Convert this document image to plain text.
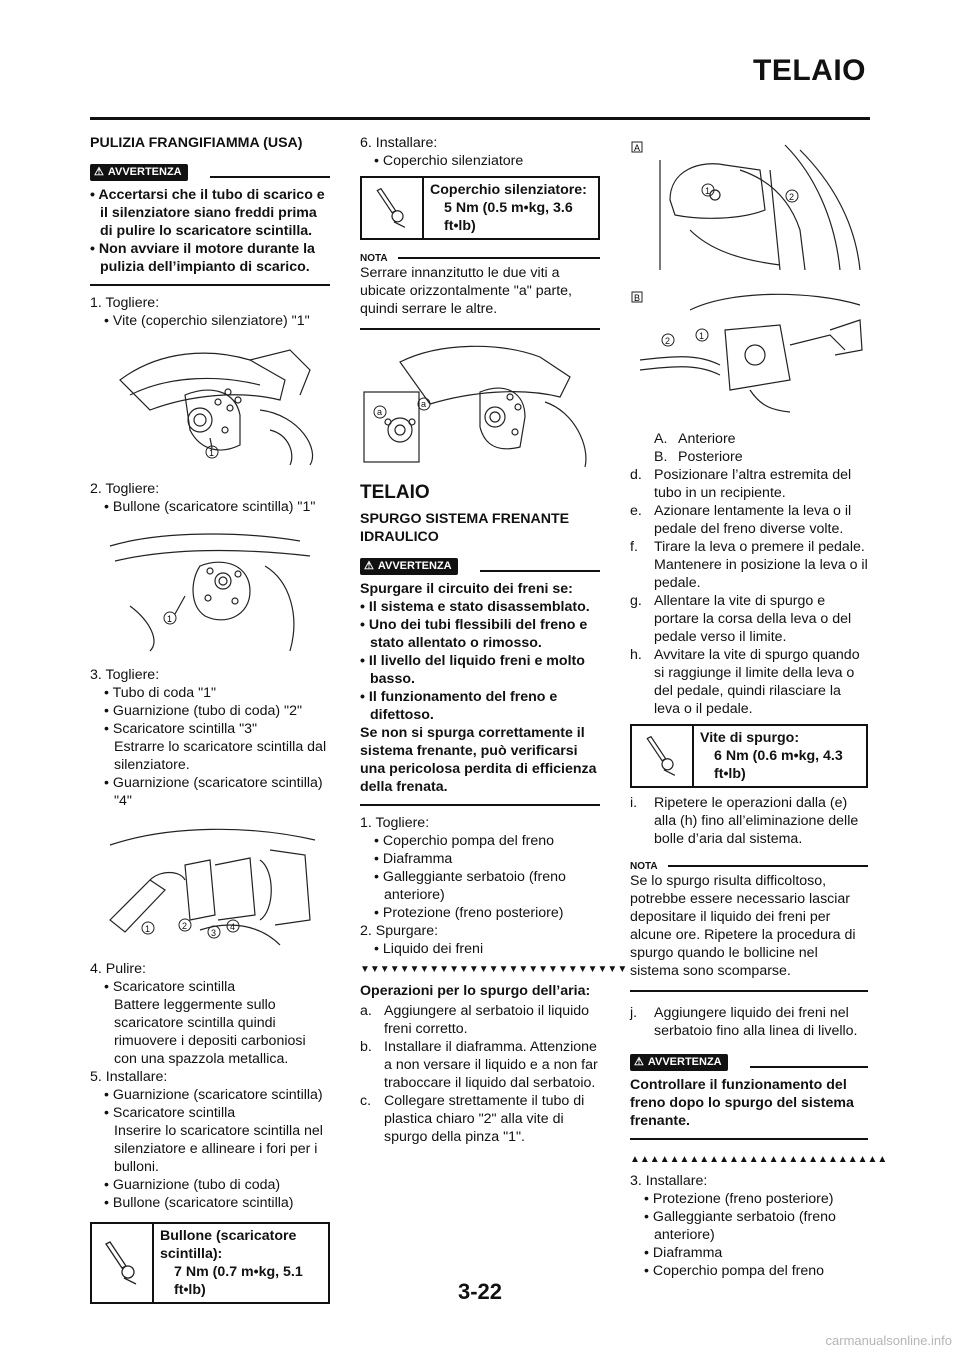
TELAIO
PULIZIA FRANGIFIAMMA (USA)
⚠ AVVERTENZA

• Accertarsi che il tubo di scarico e il silenziatore siano freddi prima di pulire lo scaricatore scintilla.

• Non avviare il motore durante la pulizia dell’impianto di scarico.

1. Togliere:

• Vite (coperchio silenziatore) "1"

1

2. Togliere:

• Bullone (scaricatore scintilla) "1"

1

3. Togliere:

• Tubo di coda "1"

• Guarnizione (tubo di coda) "2"

• Scaricatore scintilla "3"

Estrarre lo scaricatore scintilla dal silenziatore.

• Guarnizione (scaricatore scintilla) "4"

1	2
3
4

4. Pulire:

• Scaricatore scintilla

Battere leggermente sullo scaricatore scintilla quindi rimuovere i depositi carboniosi con una spazzola metallica.

5. Installare:

• Guarnizione (scaricatore scintilla)

• Scaricatore scintilla

Inserire lo scaricatore scintilla nel silenziatore e allineare i fori per i bulloni.

• Guarnizione (tubo di coda)

• Bullone (scaricatore scintilla)

Bullone (scaricatore scintilla):
7 Nm (0.7 m•kg, 5.1 ft•lb)

6. Installare:

• Coperchio silenziatore

Coperchio silenziatore:
5 Nm (0.5 m•kg, 3.6 ft•lb)
NOTA

Serrare innanzitutto le due viti a ubicate orizzontalmente "a" parte, quindi serrare le altre.

a
a
TELAIO
SPURGO SISTEMA FRENANTE IDRAULICO
⚠ AVVERTENZA

Spurgare il circuito dei freni se:

• Il sistema e stato disassemblato.

• Uno dei tubi flessibili del freno e stato allentato o rimosso.

• Il livello del liquido freni e molto basso.

• Il funzionamento del freno e difettoso.

Se non si spurga correttamente il sistema frenante, può verificarsi una pericolosa perdita di efficienza della frenata.

1. Togliere:

• Coperchio pompa del freno

• Diaframma

• Galleggiante serbatoio (freno anteriore)

• Protezione (freno posteriore)

2. Spurgare:

• Liquido dei freni

▼▼▼▼▼▼▼▼▼▼▼▼▼▼▼▼▼▼▼▼▼▼▼▼▼▼▼
Operazioni per lo spurgo dell’aria:

a. Aggiungere al serbatoio il liquido freni corretto.

b. Installare il diaframma. Attenzione a non versare il liquido e a non far traboccare il liquido dal serbatoio.

c. Collegare strettamente il tubo di plastica chiaro "2" alla vite di spurgo della pinza "1".

A
1
2
B
2	1

A. Anteriore

B. Posteriore

d. Posizionare l’altra estremita del tubo in un recipiente.

e. Azionare lentamente la leva o il pedale del freno diverse volte.

f. Tirare la leva o premere il pedale. Mantenere in posizione la leva o il pedale.

g. Allentare la vite di spurgo e portare la corsa della leva o del pedale verso il limite.

h. Avvitare la vite di spurgo quando si raggiunge il limite della leva o del pedale, quindi rilasciare la leva o il pedale.

Vite di spurgo:
6 Nm (0.6 m•kg, 4.3 ft•lb)

i. Ripetere le operazioni dalla (e) alla (h) fino all’eliminazione delle bolle d’aria dal sistema.

NOTA

Se lo spurgo risulta difficoltoso, potrebbe essere necessario lasciar depositare il liquido dei freni per alcune ore. Ripetere la procedura di spurgo quando le bollicine nel sistema sono scomparse.

j. Aggiungere liquido dei freni nel serbatoio fino alla linea di livello.

⚠ AVVERTENZA

Controllare il funzionamento del freno dopo lo spurgo del sistema frenante.

▲▲▲▲▲▲▲▲▲▲▲▲▲▲▲▲▲▲▲▲▲▲▲▲▲▲

3. Installare:

• Protezione (freno posteriore)

• Galleggiante serbatoio (freno anteriore)

• Diaframma

• Coperchio pompa del freno

3-22
carmanualsonline.info
